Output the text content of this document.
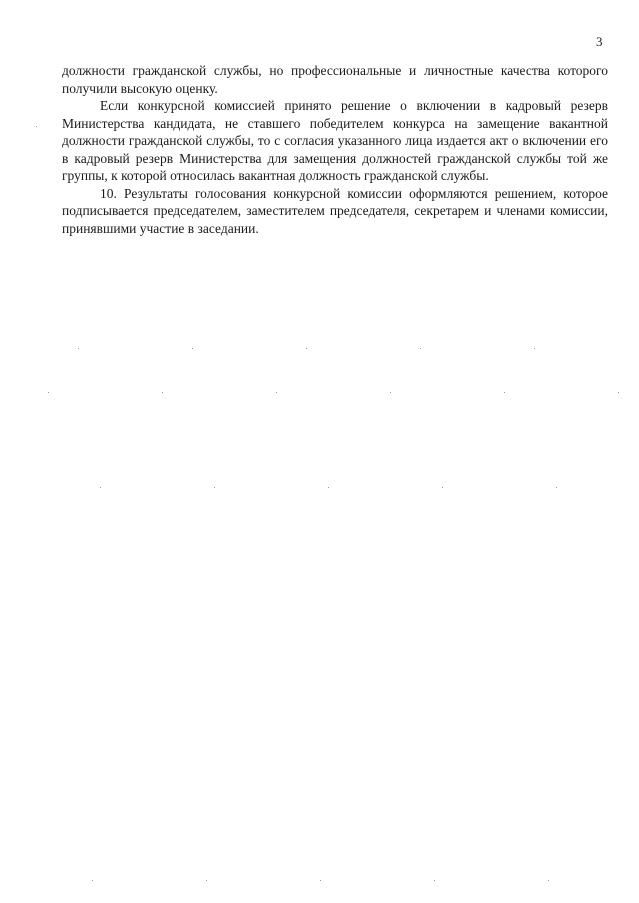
3

должности гражданской службы, но профессиональные и личностные качества которого получили высокую оценку.

Если конкурсной комиссией принято решение о включении в кадровый резерв Министерства кандидата, не ставшего победителем конкурса на замещение вакантной должности гражданской службы, то с согласия указанного лица издается акт о включении его в кадровый резерв Министерства для замещения должностей гражданской службы той же группы, к которой относилась вакантная должность гражданской службы.

10. Результаты голосования конкурсной комиссии оформляются решением, которое подписывается председателем, заместителем председателя, секретарем и членами комиссии, принявшими участие в заседании.
